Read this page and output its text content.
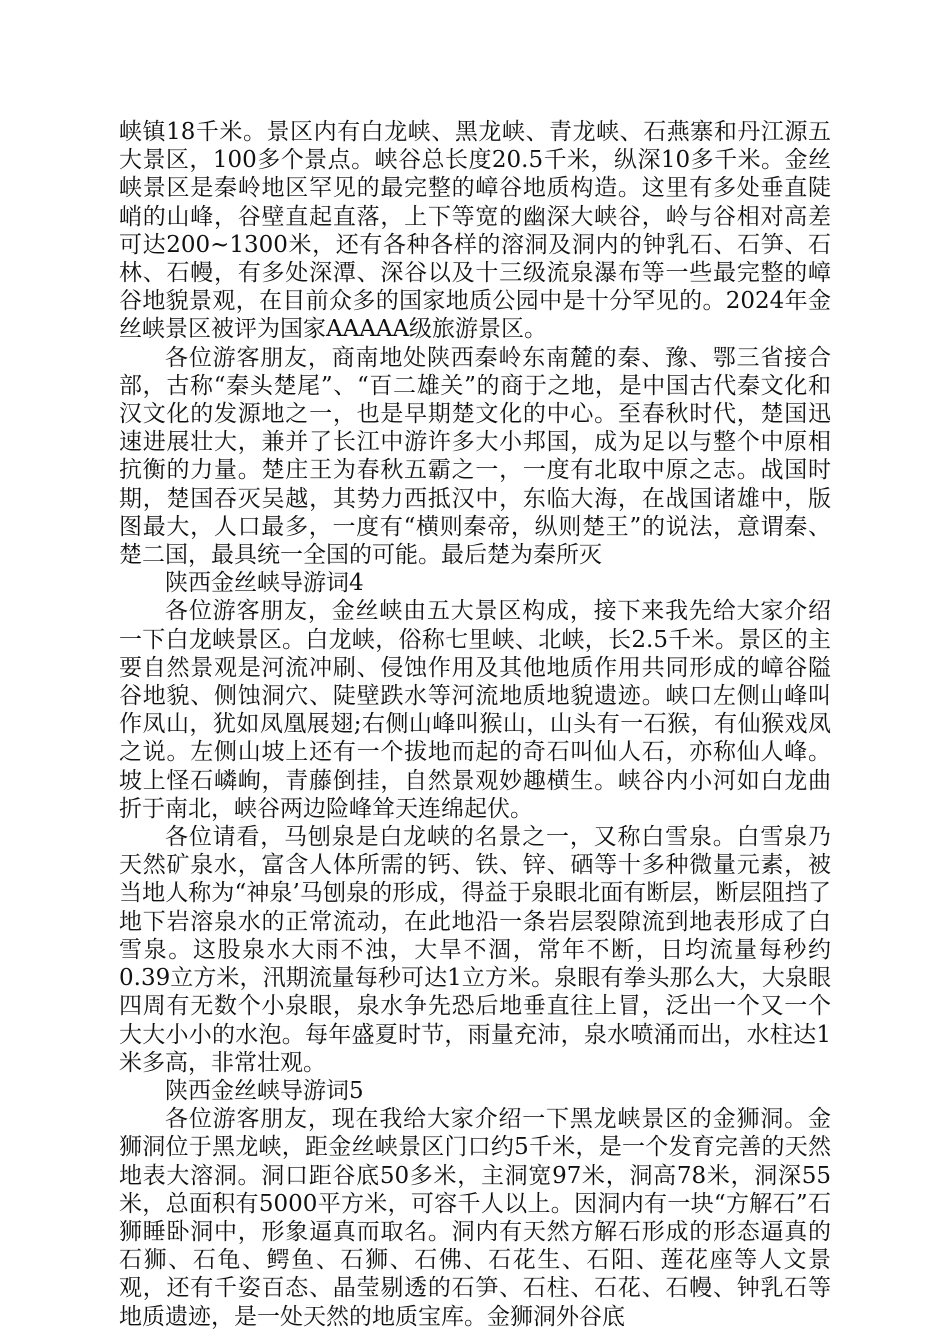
峡镇18千米。景区内有白龙峡、黑龙峡、青龙峡、石燕寨和丹江源五大景区，100多个景点。峡谷总长度20.5千米，纵深10多千米。金丝峡景区是秦岭地区罕见的最完整的嶂谷地质构造。这里有多处垂直陡峭的山峰，谷壁直起直落，上下等宽的幽深大峡谷，岭与谷相对高差可达200~1300米，还有各种各样的溶洞及洞内的钟乳石、石笋、石林、石幔，有多处深潭、深谷以及十三级流泉瀑布等一些最完整的嶂谷地貌景观，在目前众多的国家地质公园中是十分罕见的。2024年金丝峡景区被评为国家AAAAA级旅游景区。

各位游客朋友，商南地处陕西秦岭东南麓的秦、豫、鄂三省接合部，古称“秦头楚尾”、“百二雄关”的商于之地，是中国古代秦文化和汉文化的发源地之一，也是早期楚文化的中心。至春秋时代，楚国迅速进展壮大，兼并了长江中游许多大小邦国，成为足以与整个中原相抗衡的力量。楚庄王为春秋五霸之一，一度有北取中原之志。战国时期，楚国吞灭吴越，其势力西抵汉中，东临大海，在战国诸雄中，版图最大，人口最多，一度有“横则秦帝，纵则楚王”的说法，意谓秦、楚二国，最具统一全国的可能。最后楚为秦所灭

陕西金丝峡导游词4

各位游客朋友，金丝峡由五大景区构成，接下来我先给大家介绍一下白龙峡景区。白龙峡，俗称七里峡、北峡，长2.5千米。景区的主要自然景观是河流冲刷、侵蚀作用及其他地质作用共同形成的嶂谷隘谷地貌、侧蚀洞穴、陡壁跌水等河流地质地貌遗迹。峡口左侧山峰叫作凤山，犹如凤凰展翅;右侧山峰叫猴山，山头有一石猴，有仙猴戏凤之说。左侧山坡上还有一个拔地而起的奇石叫仙人石，亦称仙人峰。坡上怪石嶙峋，青藤倒挂，自然景观妙趣横生。峡谷内小河如白龙曲折于南北，峡谷两边险峰耸天连绵起伏。

各位请看，马刨泉是白龙峡的名景之一，又称白雪泉。白雪泉乃天然矿泉水，富含人体所需的钙、铁、锌、硒等十多种微量元素，被当地人称为“神泉’马刨泉的形成，得益于泉眼北面有断层，断层阻挡了地下岩溶泉水的正常流动，在此地沿一条岩层裂隙流到地表形成了白雪泉。这股泉水大雨不浊，大旱不涸，常年不断，日均流量每秒约0.39立方米，汛期流量每秒可达1立方米。泉眼有拳头那么大，大泉眼四周有无数个小泉眼，泉水争先恐后地垂直往上冒，泛出一个又一个大大小小的水泡。每年盛夏时节，雨量充沛，泉水喷涌而出，水柱达1米多高，非常壮观。

陕西金丝峡导游词5

各位游客朋友，现在我给大家介绍一下黑龙峡景区的金狮洞。金狮洞位于黑龙峡，距金丝峡景区门口约5千米，是一个发育完善的天然地表大溶洞。洞口距谷底50多米，主洞宽97米，洞高78米，洞深55米，总面积有5000平方米，可容千人以上。因洞内有一块“方解石”石狮睡卧洞中，形象逼真而取名。洞内有天然方解石形成的形态逼真的石狮、石龟、鳄鱼、石狮、石佛、石花生、石阳、莲花座等人文景观，还有千姿百态、晶莹剔透的石笋、石柱、石花、石幔、钟乳石等地质遗迹，是一处天然的地质宝库。金狮洞外谷底
